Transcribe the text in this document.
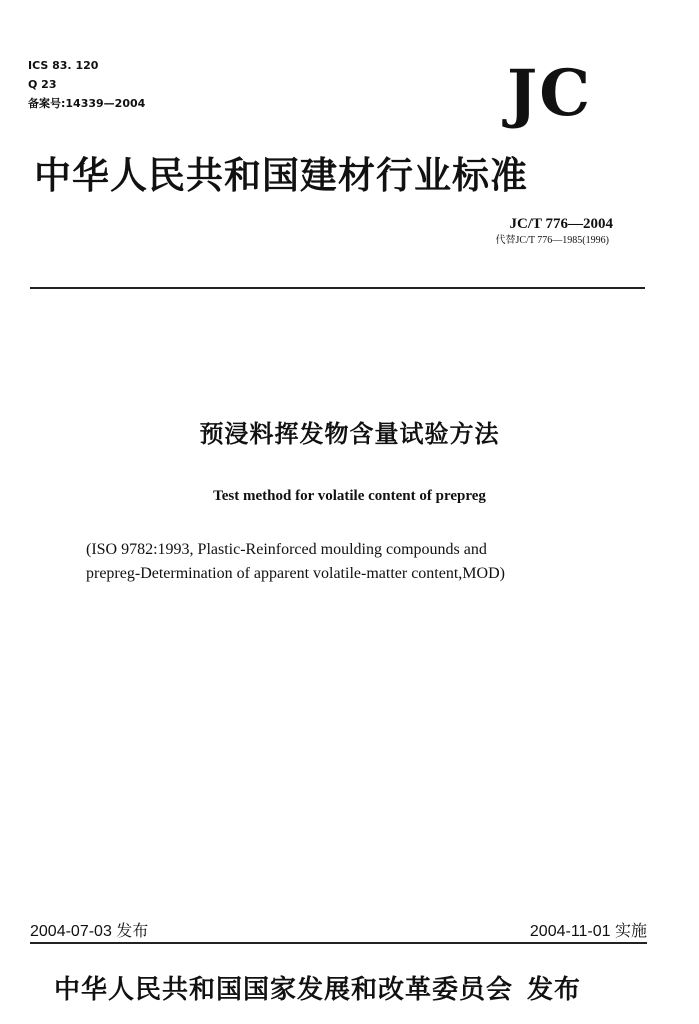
ICS 83. 120
Q 23
备案号:14339—2004	JC
中华人民共和国建材行业标准
JC/T 776—2004
代替JC/T 776—1985(1996)
预浸料挥发物含量试验方法
Test method for volatile content of prepreg
(ISO 9782:1993, Plastic-Reinforced moulding compounds and
prepreg-Determination of apparent volatile-matter content,MOD)
2004-07-03 发布	2004-11-01 实施
中华人民共和国国家发展和改革委员会 发布
